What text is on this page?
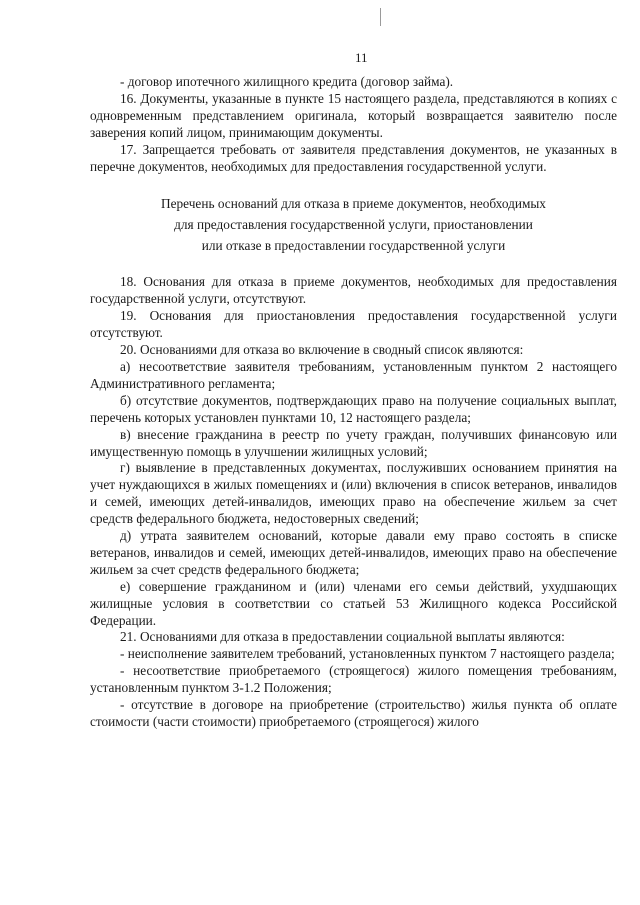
11

- договор ипотечного жилищного кредита (договор займа).

16. Документы, указанные в пункте 15 настоящего раздела, представляются в копиях с одновременным представлением оригинала, который возвращается заявителю после заверения копий лицом, принимающим документы.

17. Запрещается требовать от заявителя представления документов, не указанных в перечне документов, необходимых для предоставления государственной услуги.

Перечень оснований для отказа в приеме документов, необходимых
для предоставления государственной услуги, приостановлении
или отказе в предоставлении государственной услуги

18. Основания для отказа в приеме документов, необходимых для предоставления государственной услуги, отсутствуют.

19. Основания для приостановления предоставления государственной услуги отсутствуют.

20. Основаниями для отказа во включение в сводный список являются:

а) несоответствие заявителя требованиям, установленным пунктом 2 настоящего Административного регламента;

б) отсутствие документов, подтверждающих право на получение социальных выплат, перечень которых установлен пунктами 10, 12 настоящего раздела;

в) внесение гражданина в реестр по учету граждан, получивших финансовую или имущественную помощь в улучшении жилищных условий;

г) выявление в представленных документах, послуживших основанием принятия на учет нуждающихся в жилых помещениях и (или) включения в список ветеранов, инвалидов и семей, имеющих детей-инвалидов, имеющих право на обеспечение жильем за счет средств федерального бюджета, недостоверных сведений;

д) утрата заявителем оснований, которые давали ему право состоять в списке ветеранов, инвалидов и семей, имеющих детей-инвалидов, имеющих право на обеспечение жильем за счет средств федерального бюджета;

е) совершение гражданином и (или) членами его семьи действий, ухудшающих жилищные условия в соответствии со статьей 53 Жилищного кодекса Российской Федерации.

21. Основаниями для отказа в предоставлении социальной выплаты являются:

- неисполнение заявителем требований, установленных пунктом 7 настоящего раздела;

- несоответствие приобретаемого (строящегося) жилого помещения требованиям, установленным пунктом 3-1.2 Положения;

- отсутствие в договоре на приобретение (строительство) жилья пункта об оплате стоимости (части стоимости) приобретаемого (строящегося) жилого
